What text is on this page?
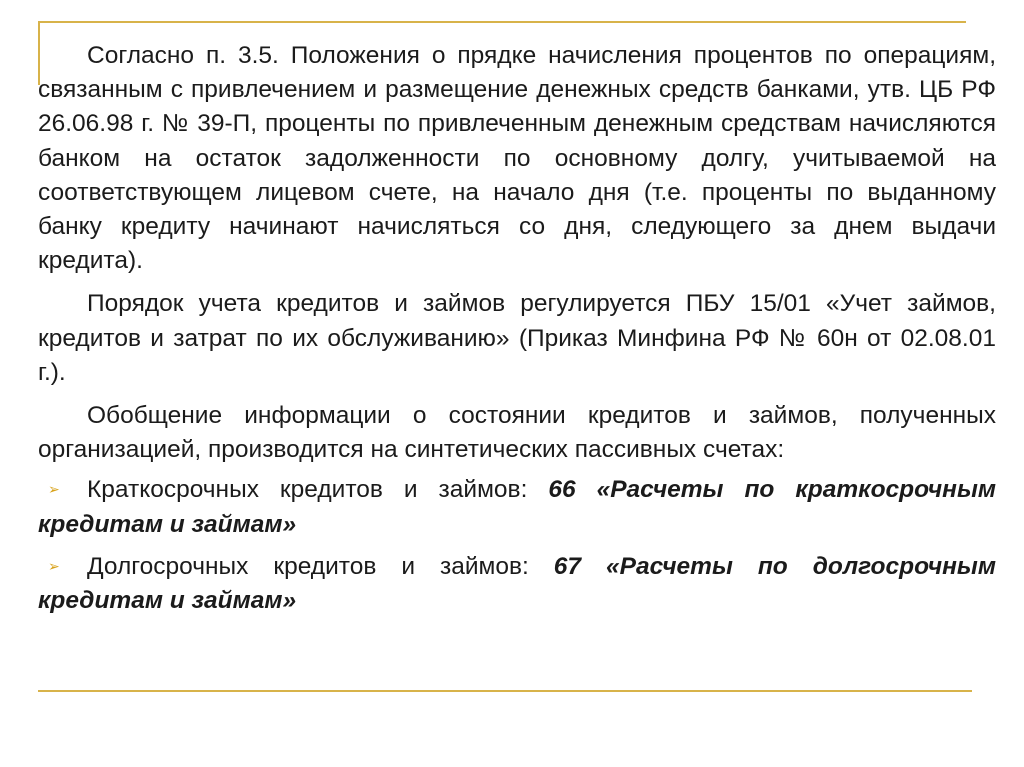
Согласно п. 3.5. Положения о прядке начисления процентов по операциям, связанным с привлечением и размещение денежных средств банками, утв. ЦБ РФ 26.06.98 г. № 39-П, проценты по привлеченным денежным средствам начисляются банком на остаток задолженности по основному долгу, учитываемой на соответствующем лицевом счете, на начало дня (т.е. проценты по выданному банку кредиту начинают начисляться со дня, следующего за днем выдачи кредита).

Порядок учета кредитов и займов регулируется ПБУ 15/01 «Учет займов, кредитов и затрат по их обслуживанию» (Приказ Минфина РФ № 60н от 02.08.01 г.).

Обобщение информации о состоянии кредитов и займов, полученных организацией, производится на синтетических пассивных счетах:

➢ Краткосрочных кредитов и займов: 66 «Расчеты по краткосрочным кредитам и займам»

➢ Долгосрочных кредитов и займов: 67 «Расчеты по долгосрочным кредитам и займам»
